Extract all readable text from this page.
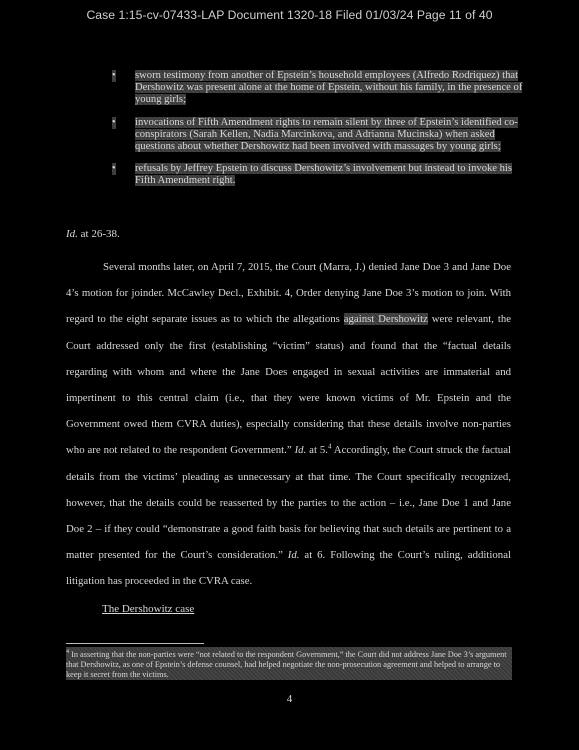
Case 1:15-cv-07433-LAP Document 1320-18 Filed 01/03/24 Page 11 of 40
• sworn testimony from another of Epstein’s household employees (Alfredo Rodriquez) that Dershowitz was present alone at the home of Epstein, without his family, in the presence of young girls;
• invocations of Fifth Amendment rights to remain silent by three of Epstein’s identified co-conspirators (Sarah Kellen, Nadia Marcinkova, and Adrianna Mucinska) when asked questions about whether Dershowitz had been involved with massages by young girls;
• refusals by Jeffrey Epstein to discuss Dershowitz’s involvement but instead to invoke his Fifth Amendment right.
Id. at 26-38.

Several months later, on April 7, 2015, the Court (Marra, J.) denied Jane Doe 3 and Jane Doe 4’s motion for joinder. McCawley Decl., Exhibit. 4, Order denying Jane Doe 3’s motion to join. With regard to the eight separate issues as to which the allegations against Dershowitz were relevant, the Court addressed only the first (establishing “victim” status) and found that the “factual details regarding with whom and where the Jane Does engaged in sexual activities are immaterial and impertinent to this central claim (i.e., that they were known victims of Mr. Epstein and the Government owed them CVRA duties), especially considering that these details involve non-parties who are not related to the respondent Government.” Id. at 5.$^4$ Accordingly, the Court struck the factual details from the victims’ pleading as unnecessary at that time. The Court specifically recognized, however, that the details could be reasserted by the parties to the action – i.e., Jane Doe 1 and Jane Doe 2 – if they could “demonstrate a good faith basis for believing that such details are pertinent to a matter presented for the Court’s consideration.” Id. at 6. Following the Court’s ruling, additional litigation has proceeded in the CVRA case.

The Dershowitz case
$^4$ In asserting that the non-parties were “not related to the respondent Government,” the Court did not address Jane Doe 3’s argument that Dershowitz, as one of Epstein’s defense counsel, had helped negotiate the non-prosecution agreement and helped to arrange to keep it secret from the victims.
4
